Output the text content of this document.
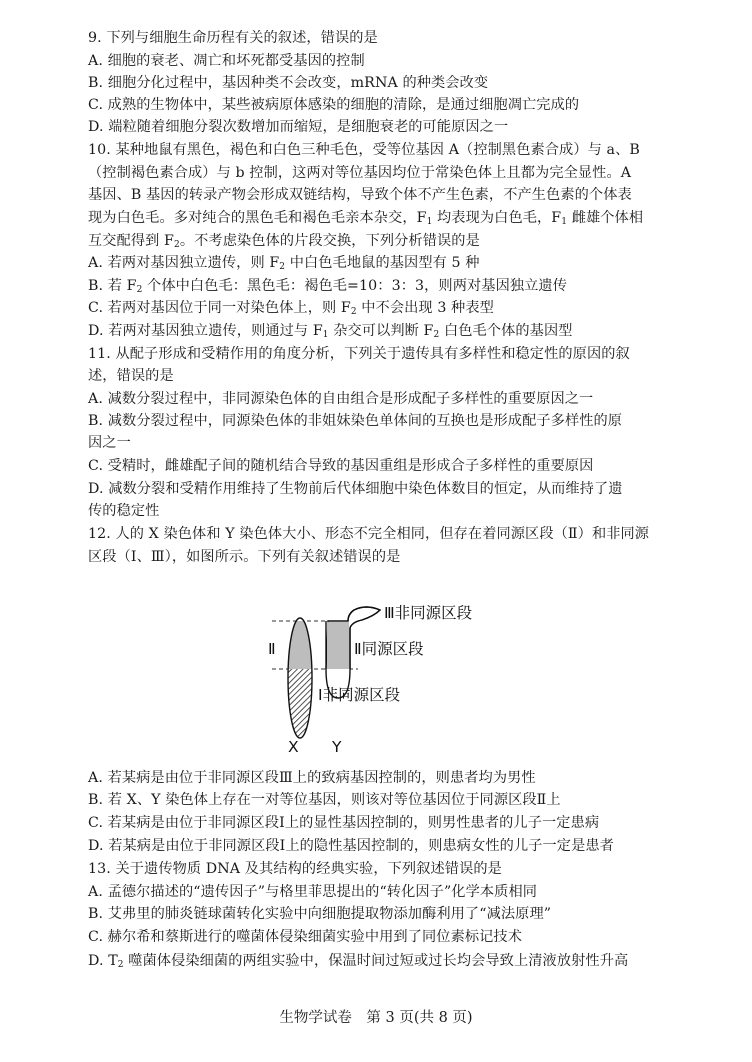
9. 下列与细胞生命历程有关的叙述，错误的是
A. 细胞的衰老、凋亡和坏死都受基因的控制
B. 细胞分化过程中，基因种类不会改变，mRNA 的种类会改变
C. 成熟的生物体中，某些被病原体感染的细胞的清除，是通过细胞凋亡完成的
D. 端粒随着细胞分裂次数增加而缩短，是细胞衰老的可能原因之一
10. 某种地鼠有黑色，褐色和白色三种毛色，受等位基因 A（控制黑色素合成）与 a、B
（控制褐色素合成）与 b 控制，这两对等位基因均位于常染色体上且都为完全显性。A
基因、B 基因的转录产物会形成双链结构，导致个体不产生色素，不产生色素的个体表
现为白色毛。多对纯合的黑色毛和褐色毛亲本杂交，$F_1$ 均表现为白色毛，$F_1$ 雌雄个体相
互交配得到 $F_2$。不考虑染色体的片段交换，下列分析错误的是
A. 若两对基因独立遗传，则 $F_2$ 中白色毛地鼠的基因型有 5 种
B. 若 $F_2$ 个体中白色毛：黑色毛：褐色毛=10：3：3，则两对基因独立遗传
C. 若两对基因位于同一对染色体上，则 $F_2$ 中不会出现 3 种表型
D. 若两对基因独立遗传，则通过与 $F_1$ 杂交可以判断 $F_2$ 白色毛个体的基因型
11. 从配子形成和受精作用的角度分析，下列关于遗传具有多样性和稳定性的原因的叙
述，错误的是
A. 减数分裂过程中，非同源染色体的自由组合是形成配子多样性的重要原因之一
B. 减数分裂过程中，同源染色体的非姐妹染色单体间的互换也是形成配子多样性的原
因之一
C. 受精时，雌雄配子间的随机结合导致的基因重组是形成合子多样性的重要原因
D. 减数分裂和受精作用维持了生物前后代体细胞中染色体数目的恒定，从而维持了遗
传的稳定性
12. 人的 X 染色体和 Y 染色体大小、形态不完全相同，但存在着同源区段（Ⅱ）和非同源
区段（Ⅰ、Ⅲ），如图所示。下列有关叙述错误的是
A. 若某病是由位于非同源区段Ⅲ上的致病基因控制的，则患者均为男性
B. 若 X、Y 染色体上存在一对等位基因，则该对等位基因位于同源区段Ⅱ上
C. 若某病是由位于非同源区段Ⅰ上的显性基因控制的，则男性患者的儿子一定患病
D. 若某病是由位于非同源区段Ⅰ上的隐性基因控制的，则患病女性的儿子一定是患者
13. 关于遗传物质 DNA 及其结构的经典实验，下列叙述错误的是
A. 孟德尔描述的“遗传因子”与格里菲思提出的“转化因子”化学本质相同
B. 艾弗里的肺炎链球菌转化实验中向细胞提取物添加酶利用了“减法原理”
C. 赫尔希和蔡斯进行的噬菌体侵染细菌实验中用到了同位素标记技术
D. $T_2$ 噬菌体侵染细菌的两组实验中，保温时间过短或过长均会导致上清液放射性升高
Ⅲ非同源区段
Ⅱ	Ⅱ同源区段
Ⅰ非同源区段
X Y
生物学试卷　第 3 页(共 8 页)
